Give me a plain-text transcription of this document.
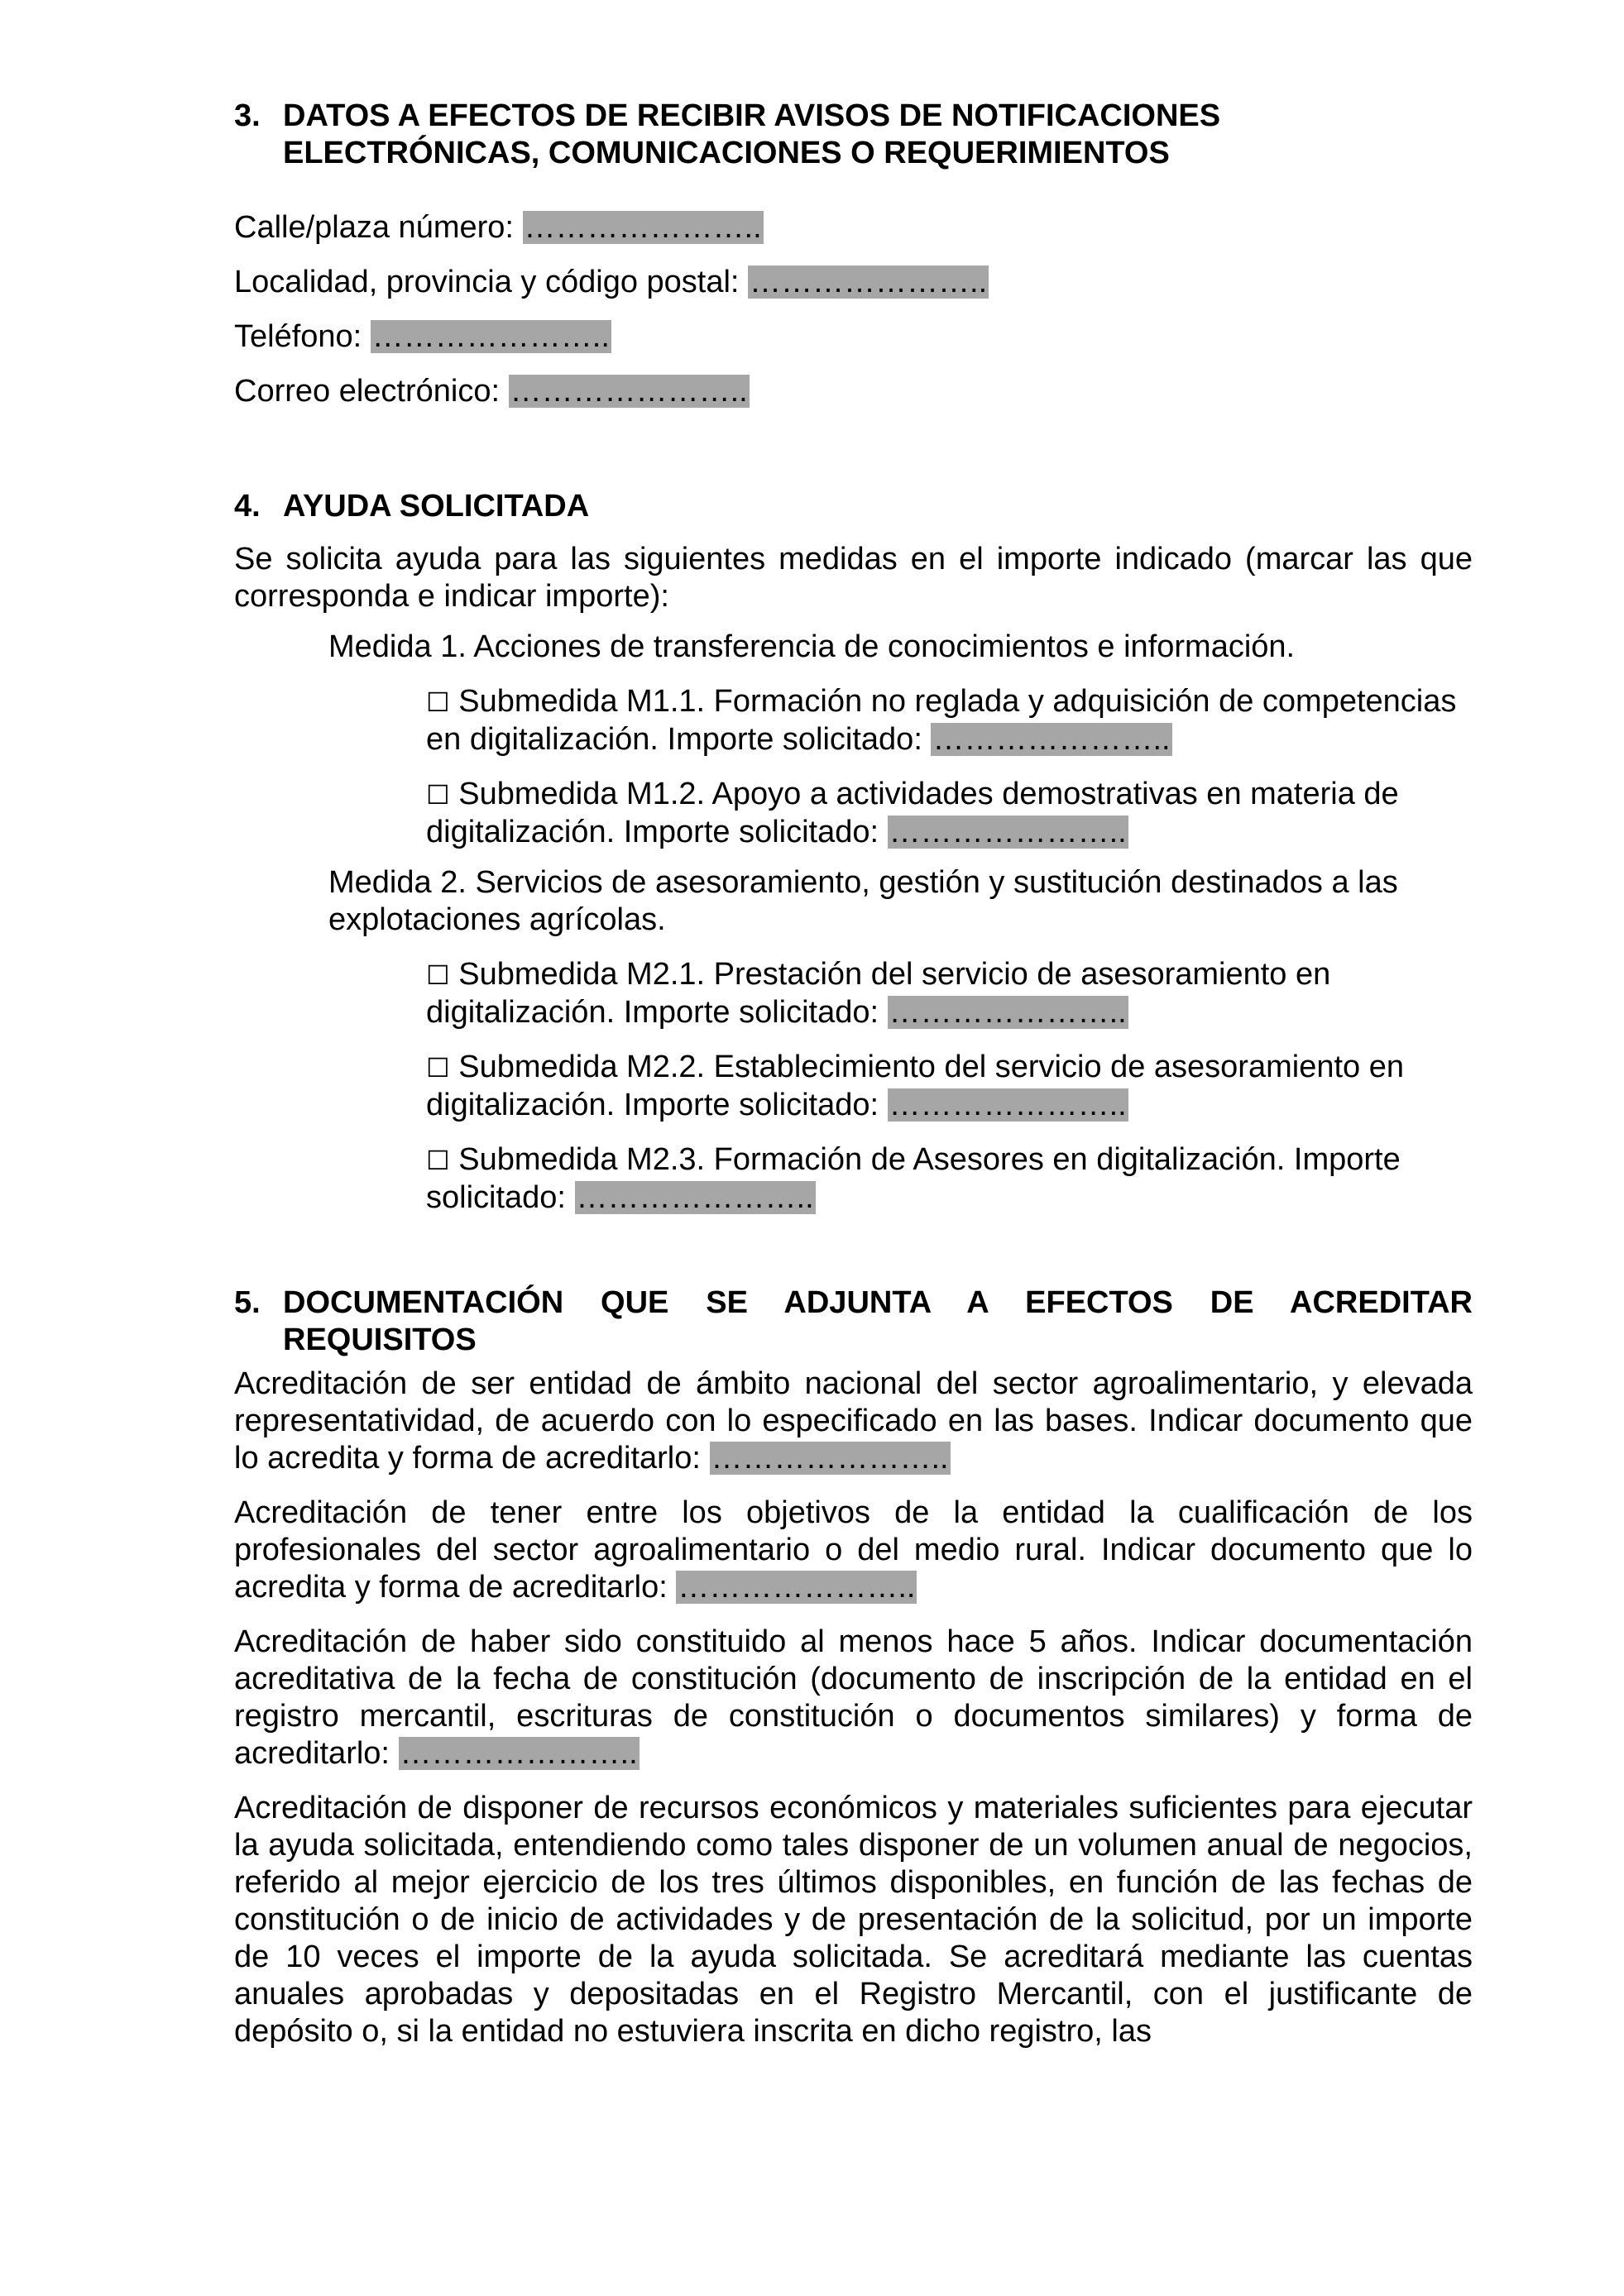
3. DATOS A EFECTOS DE RECIBIR AVISOS DE NOTIFICACIONES
ELECTRÓNICAS, COMUNICACIONES O REQUERIMIENTOS
Calle/plaza número: …………………..
Localidad, provincia y código postal: …………………..
Teléfono: …………………..
Correo electrónico: …………………..
4. AYUDA SOLICITADA

Se solicita ayuda para las siguientes medidas en el importe indicado (marcar las que corresponda e indicar importe):

Medida 1. Acciones de transferencia de conocimientos e información.
☐ Submedida M1.1. Formación no reglada y adquisición de competencias en digitalización. Importe solicitado: …………………..
☐ Submedida M1.2. Apoyo a actividades demostrativas en materia de digitalización. Importe solicitado: …………………..
Medida 2. Servicios de asesoramiento, gestión y sustitución destinados a las explotaciones agrícolas.
☐ Submedida M2.1. Prestación del servicio de asesoramiento en digitalización. Importe solicitado: …………………..
☐ Submedida M2.2. Establecimiento del servicio de asesoramiento en digitalización. Importe solicitado: …………………..
☐ Submedida M2.3. Formación de Asesores en digitalización. Importe solicitado: …………………..
5. DOCUMENTACIÓN QUE SE ADJUNTA A EFECTOS DE ACREDITAR
REQUISITOS

Acreditación de ser entidad de ámbito nacional del sector agroalimentario, y elevada representatividad, de acuerdo con lo especificado en las bases. Indicar documento que lo acredita y forma de acreditarlo: …………………..

Acreditación de tener entre los objetivos de la entidad la cualificación de los profesionales del sector agroalimentario o del medio rural. Indicar documento que lo acredita y forma de acreditarlo: …………………..

Acreditación de haber sido constituido al menos hace 5 años. Indicar documentación acreditativa de la fecha de constitución (documento de inscripción de la entidad en el registro mercantil, escrituras de constitución o documentos similares) y forma de acreditarlo: …………………..

Acreditación de disponer de recursos económicos y materiales suficientes para ejecutar la ayuda solicitada, entendiendo como tales disponer de un volumen anual de negocios, referido al mejor ejercicio de los tres últimos disponibles, en función de las fechas de constitución o de inicio de actividades y de presentación de la solicitud, por un importe de 10 veces el importe de la ayuda solicitada. Se acreditará mediante las cuentas anuales aprobadas y depositadas en el Registro Mercantil, con el justificante de depósito o, si la entidad no estuviera inscrita en dicho registro, las
